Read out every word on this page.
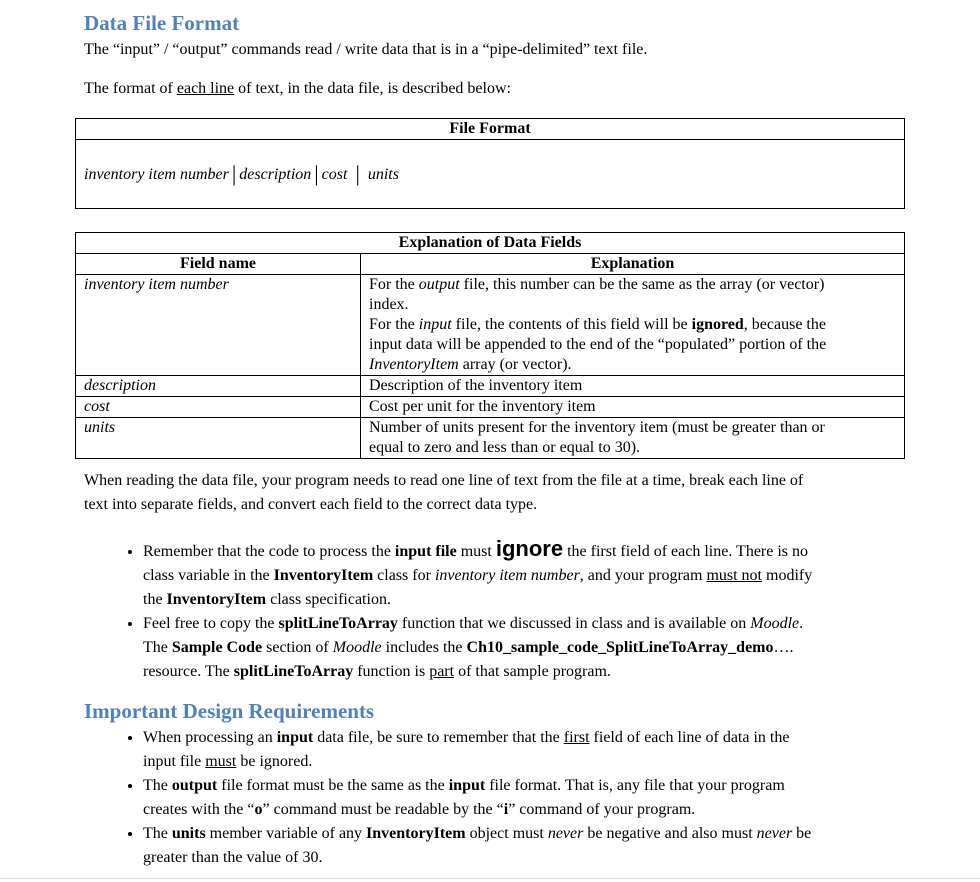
Data File Format

The “input” / “output” commands read / write data that is in a “pipe-delimited” text file.

The format of each line of text, in the data file, is described below:

File Format
inventory item number | description | cost | units
Explanation of Data Fields	
Field name	Explanation
inventory item number	For the output file, this number can be the same as the array (or vector)
index.
For the input file, the contents of this field will be ignored, because the
input data will be appended to the end of the “populated” portion of the
InventoryItem array (or vector).

description	Description of the inventory item
cost	Cost per unit for the inventory item
units	Number of units present for the inventory item (must be greater than or
equal to zero and less than or equal to 30).

When reading the data file, your program needs to read one line of text from the file at a time, break each line of

text into separate fields, and convert each field to the correct data type.

• Remember that the code to process the input file must ignore the first field of each line. There is no
class variable in the InventoryItem class for inventory item number, and your program must not modify
the InventoryItem class specification.
• Feel free to copy the splitLineToArray function that we discussed in class and is available on Moodle.
The Sample Code section of Moodle includes the Ch10_sample_code_SplitLineToArray_demo….
resource. The splitLineToArray function is part of that sample program.
Important Design Requirements
• When processing an input data file, be sure to remember that the first field of each line of data in the
input file must be ignored.
• The output file format must be the same as the input file format. That is, any file that your program
creates with the “o” command must be readable by the “i” command of your program.
• The units member variable of any InventoryItem object must never be negative and also must never be
greater than the value of 30.
